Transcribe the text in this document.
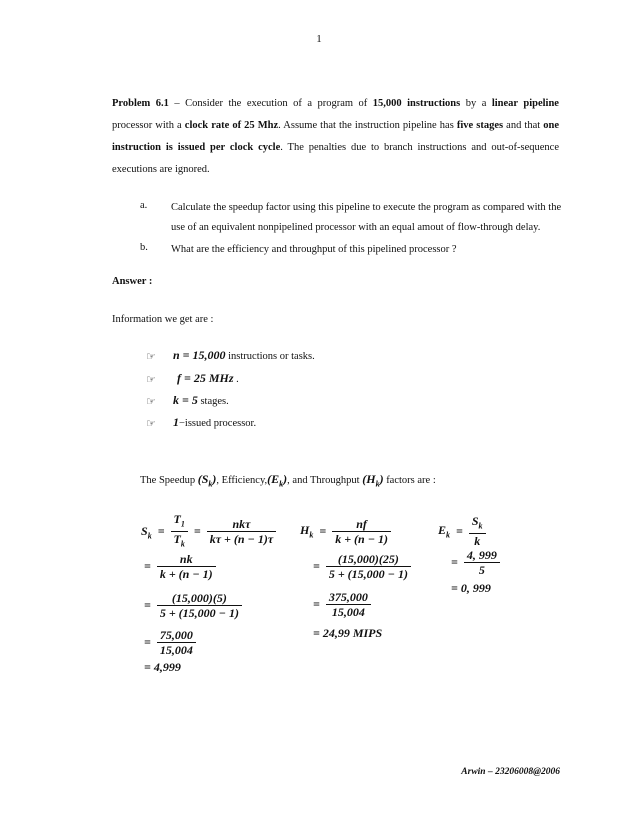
1
Problem 6.1 – Consider the execution of a program of 15,000 instructions by a linear pipeline processor with a clock rate of 25 Mhz. Assume that the instruction pipeline has five stages and that one instruction is issued per clock cycle. The penalties due to branch instructions and out-of-sequence executions are ignored.
a. Calculate the speedup factor using this pipeline to execute the program as compared with the use of an equivalent nonpipelined processor with an equal amout of flow-through delay.
b. What are the efficiency and throughput of this pipelined processor ?
Answer :
Information we get are :
☞ n = 15,000 instructions or tasks.
☞ f = 25 MHz .
☞ k = 5 stages.
☞ 1−issued processor.
The Speedup $(S_k)$, $Efficiency,(E_k)$, and Throughput $(H_k)$ factors are :
$S_k = \frac{T_1}{T_k} = \frac{\text{nkτ}}{k\tau + (n - 1)\tau}$
= $\frac{nk}{k + (n - 1)}$
= $\frac{(15,000)(5)}{5 + (15,000 - 1)}$
= $\frac{75,000}{15,004}$
= 4,999
$H_k = \frac{nf}{k + (n - 1)}$
= $\frac{(15,000)(25)}{5 + (15,000 - 1)}$
= $\frac{375,000}{15,004}$
= 24,99 MIPS
$E_k = \frac{S_k}{k}$
= $\frac{4, 999}{5}$
= 0, 999
Arwin – 23206008@2006
